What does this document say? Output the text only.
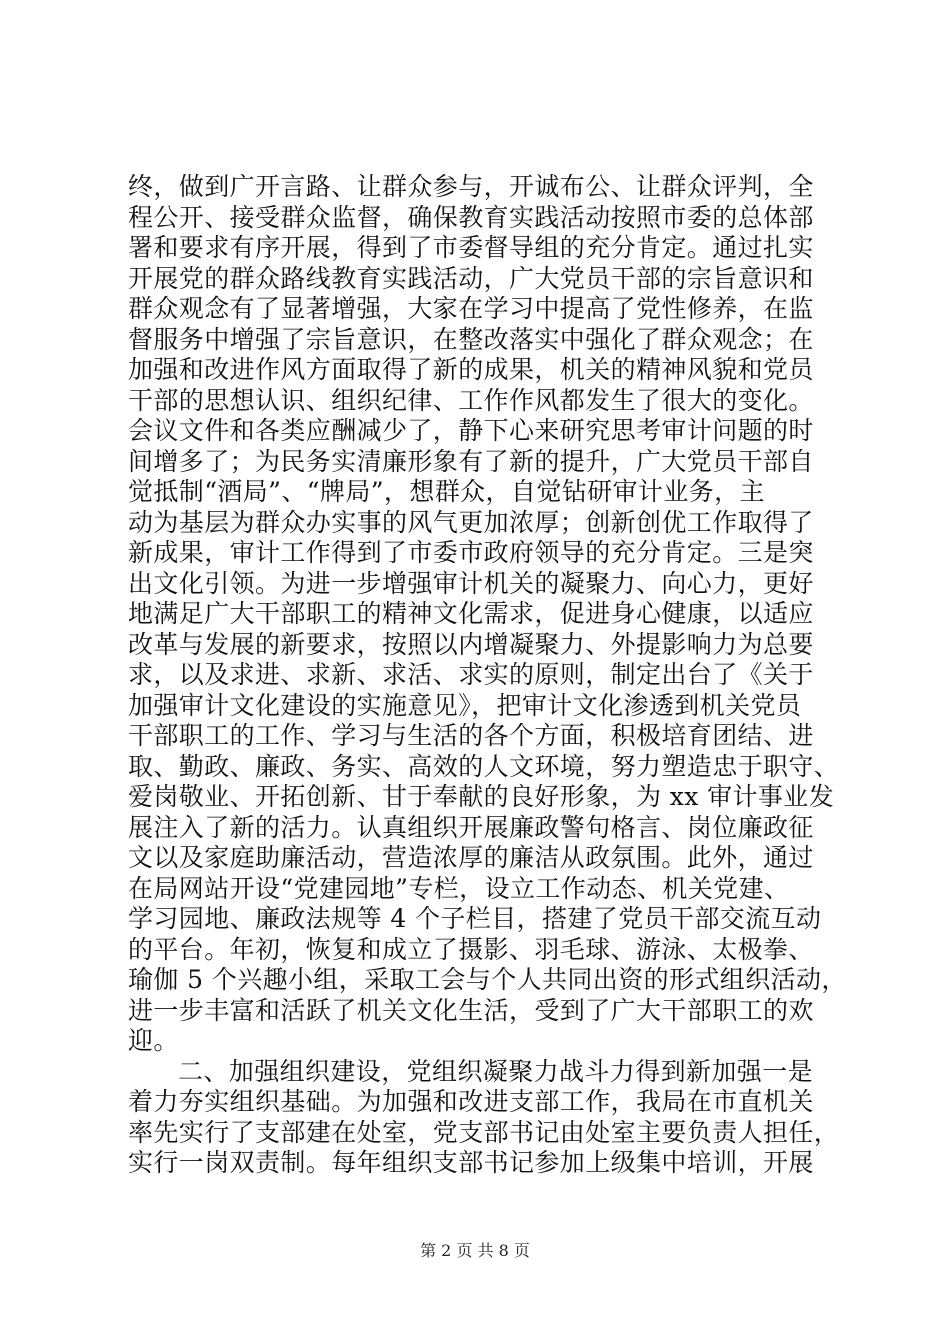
终，做到广开言路、让群众参与，开诚布公、让群众评判，全
程公开、接受群众监督，确保教育实践活动按照市委的总体部
署和要求有序开展，得到了市委督导组的充分肯定。通过扎实
开展党的群众路线教育实践活动，广大党员干部的宗旨意识和
群众观念有了显著增强，大家在学习中提高了党性修养，在监
督服务中增强了宗旨意识，在整改落实中强化了群众观念；在
加强和改进作风方面取得了新的成果，机关的精神风貌和党员
干部的思想认识、组织纪律、工作作风都发生了很大的变化。
会议文件和各类应酬减少了，静下心来研究思考审计问题的时
间增多了；为民务实清廉形象有了新的提升，广大党员干部自
觉抵制“酒局”、“牌局”，想群众，自觉钻研审计业务，主
动为基层为群众办实事的风气更加浓厚；创新创优工作取得了
新成果，审计工作得到了市委市政府领导的充分肯定。三是突
出文化引领。为进一步增强审计机关的凝聚力、向心力，更好
地满足广大干部职工的精神文化需求，促进身心健康，以适应
改革与发展的新要求，按照以内增凝聚力、外提影响力为总要
求，以及求进、求新、求活、求实的原则，制定出台了《关于
加强审计文化建设的实施意见》，把审计文化渗透到机关党员
干部职工的工作、学习与生活的各个方面，积极培育团结、进
取、勤政、廉政、务实、高效的人文环境，努力塑造忠于职守、
爱岗敬业、开拓创新、甘于奉献的良好形象，为 xx 审计事业发
展注入了新的活力。认真组织开展廉政警句格言、岗位廉政征
文以及家庭助廉活动，营造浓厚的廉洁从政氛围。此外，通过
在局网站开设“党建园地”专栏，设立工作动态、机关党建、
学习园地、廉政法规等 4 个子栏目，搭建了党员干部交流互动
的平台。年初，恢复和成立了摄影、羽毛球、游泳、太极拳、
瑜伽 5 个兴趣小组，采取工会与个人共同出资的形式组织活动，
进一步丰富和活跃了机关文化生活，受到了广大干部职工的欢
迎。
二、加强组织建设，党组织凝聚力战斗力得到新加强一是
着力夯实组织基础。为加强和改进支部工作，我局在市直机关
率先实行了支部建在处室，党支部书记由处室主要负责人担任，
实行一岗双责制。每年组织支部书记参加上级集中培训，开展
第 2 页 共 8 页
